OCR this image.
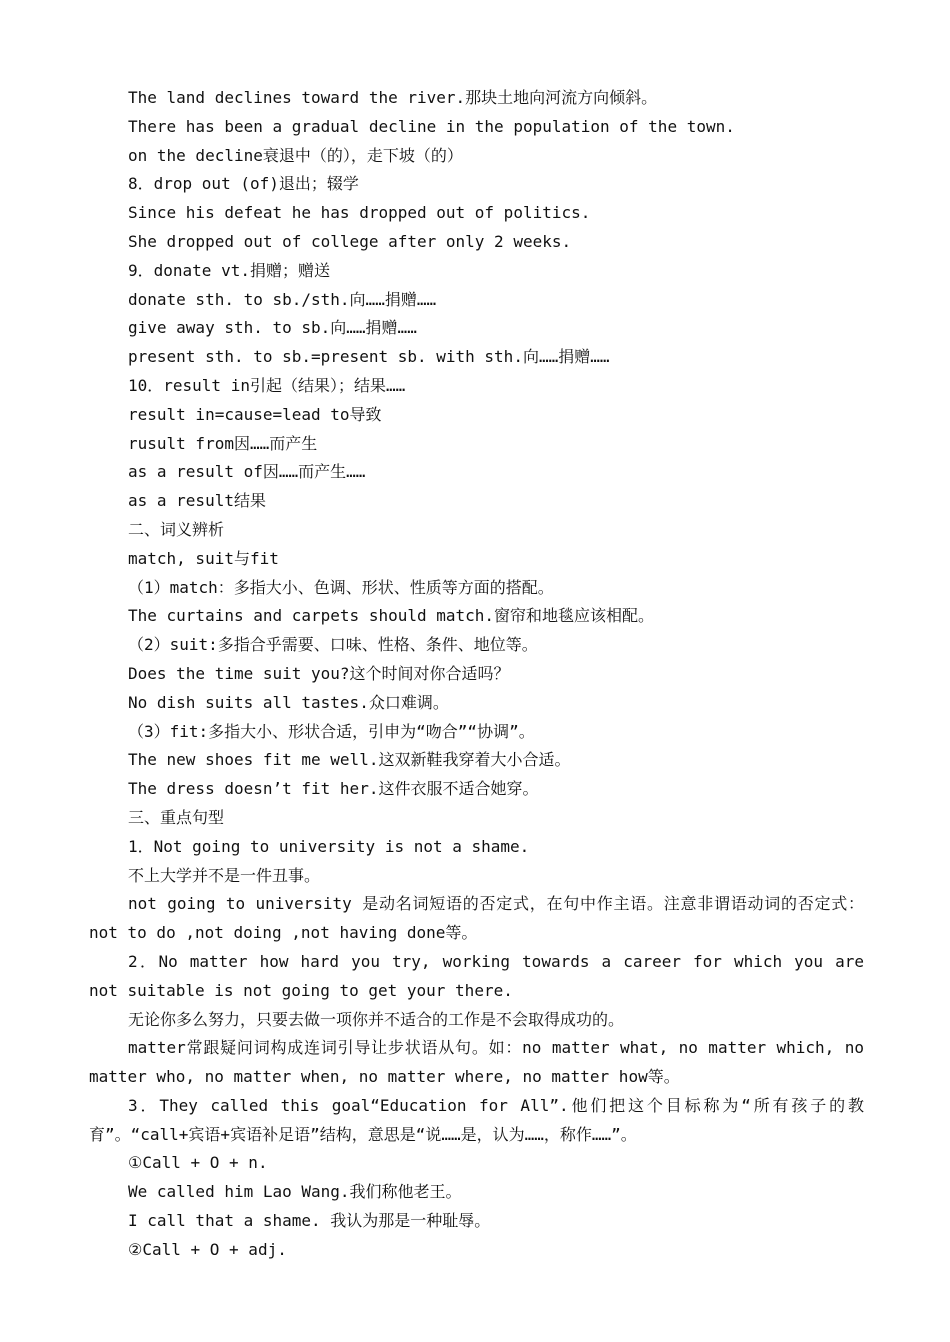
The land declines toward the river.那块土地向河流方向倾斜。
There has been a gradual decline in the population of the town.
on the decline衰退中（的），走下坡（的）
8．drop out (of)退出；辍学
Since his defeat he has dropped out of politics.
She dropped out of college after only 2 weeks.
9．donate vt.捐赠；赠送
donate sth. to sb./sth.向……捐赠……
give away sth. to sb.向……捐赠……
present sth. to sb.=present sb. with sth.向……捐赠……
10．result in引起（结果）；结果……
result in=cause=lead to导致
rusult from因……而产生
as a result of因……而产生……
as a result结果
二、词义辨析
match, suit与fit
（1）match：多指大小、色调、形状、性质等方面的搭配。
The curtains and carpets should match.窗帘和地毯应该相配。
（2）suit:多指合乎需要、口味、性格、条件、地位等。
Does the time suit you?这个时间对你合适吗？
No dish suits all tastes.众口难调。
（3）fit:多指大小、形状合适，引申为“吻合”“协调”。
The new shoes fit me well.这双新鞋我穿着大小合适。
The dress doesn’t fit her.这件衣服不适合她穿。
三、重点句型
1．Not going to university is not a shame.
不上大学并不是一件丑事。
not going to university 是动名词短语的否定式，在句中作主语。注意非谓语动词的否定式：not to do ,not doing ,not having done等。
2．No matter how hard you try, working towards a career for which you are not suitable is not going to get your there.
无论你多么努力，只要去做一项你并不适合的工作是不会取得成功的。
matter常跟疑问词构成连词引导让步状语从句。如：no matter what, no matter which, no matter who, no matter when, no matter where, no matter how等。
3．They called this goal“Education for All”.他们把这个目标称为“所有孩子的教育”。“call+宾语+宾语补足语”结构，意思是“说……是，认为……，称作……”。
①Call + O + n.
We called him Lao Wang.我们称他老王。
I call that a shame. 我认为那是一种耻辱。
②Call + O + adj.
